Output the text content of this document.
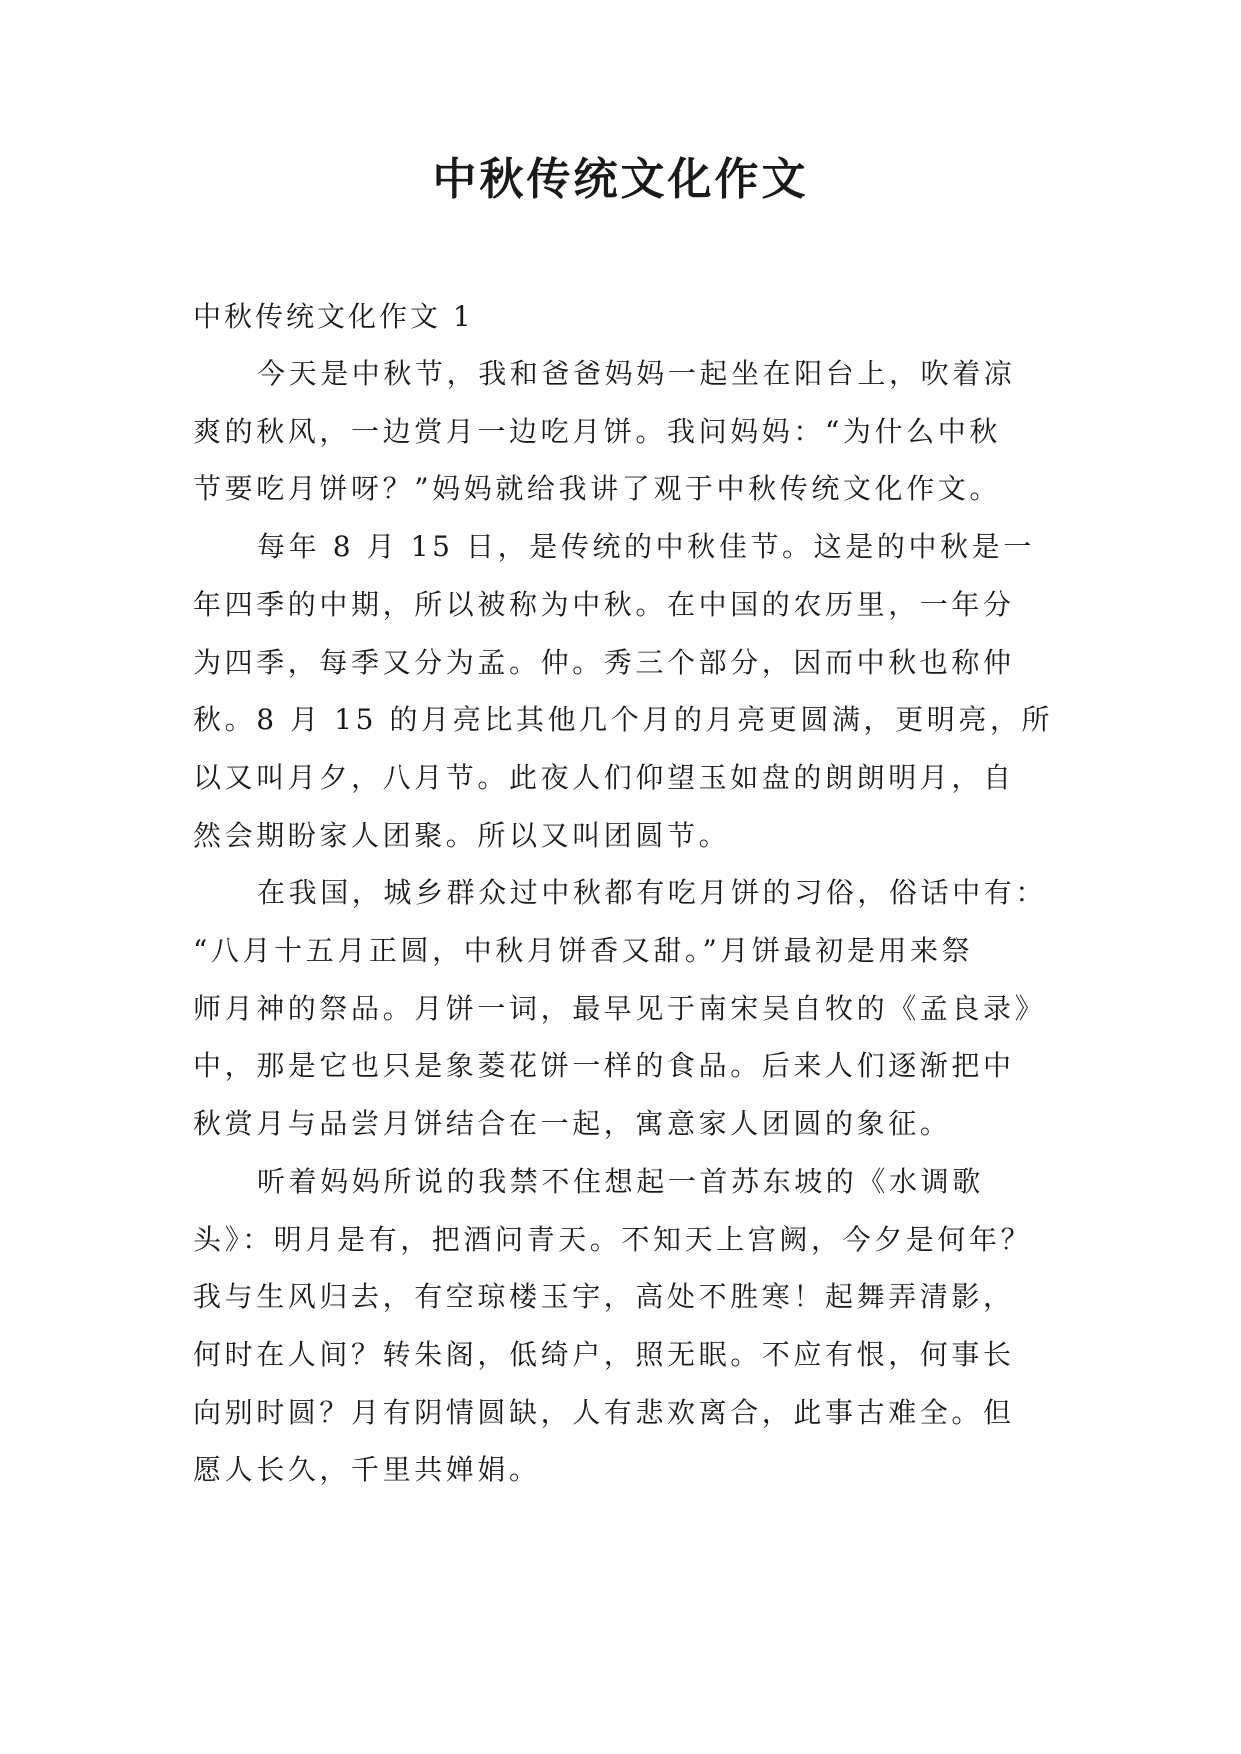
中秋传统文化作文
中秋传统文化作文 1

今天是中秋节，我和爸爸妈妈一起坐在阳台上，吹着凉
爽的秋风，一边赏月一边吃月饼。我问妈妈：“为什么中秋
节要吃月饼呀？”妈妈就给我讲了观于中秋传统文化作文。

每年 8 月 15 日，是传统的中秋佳节。这是的中秋是一
年四季的中期，所以被称为中秋。在中国的农历里，一年分
为四季，每季又分为孟。仲。秀三个部分，因而中秋也称仲
秋。8 月 15 的月亮比其他几个月的月亮更圆满，更明亮，所
以又叫月夕，八月节。此夜人们仰望玉如盘的朗朗明月，自
然会期盼家人团聚。所以又叫团圆节。

在我国，城乡群众过中秋都有吃月饼的习俗，俗话中有：
“八月十五月正圆，中秋月饼香又甜。”月饼最初是用来祭
师月神的祭品。月饼一词，最早见于南宋吴自牧的《孟良录》
中，那是它也只是象菱花饼一样的食品。后来人们逐渐把中
秋赏月与品尝月饼结合在一起，寓意家人团圆的象征。

听着妈妈所说的我禁不住想起一首苏东坡的《水调歌
头》：明月是有，把酒问青天。不知天上宫阙，今夕是何年？
我与生风归去，有空琼楼玉宇，高处不胜寒！起舞弄清影，
何时在人间？转朱阁，低绮户，照无眠。不应有恨，何事长
向别时圆？月有阴情圆缺，人有悲欢离合，此事古难全。但
愿人长久，千里共婵娟。
